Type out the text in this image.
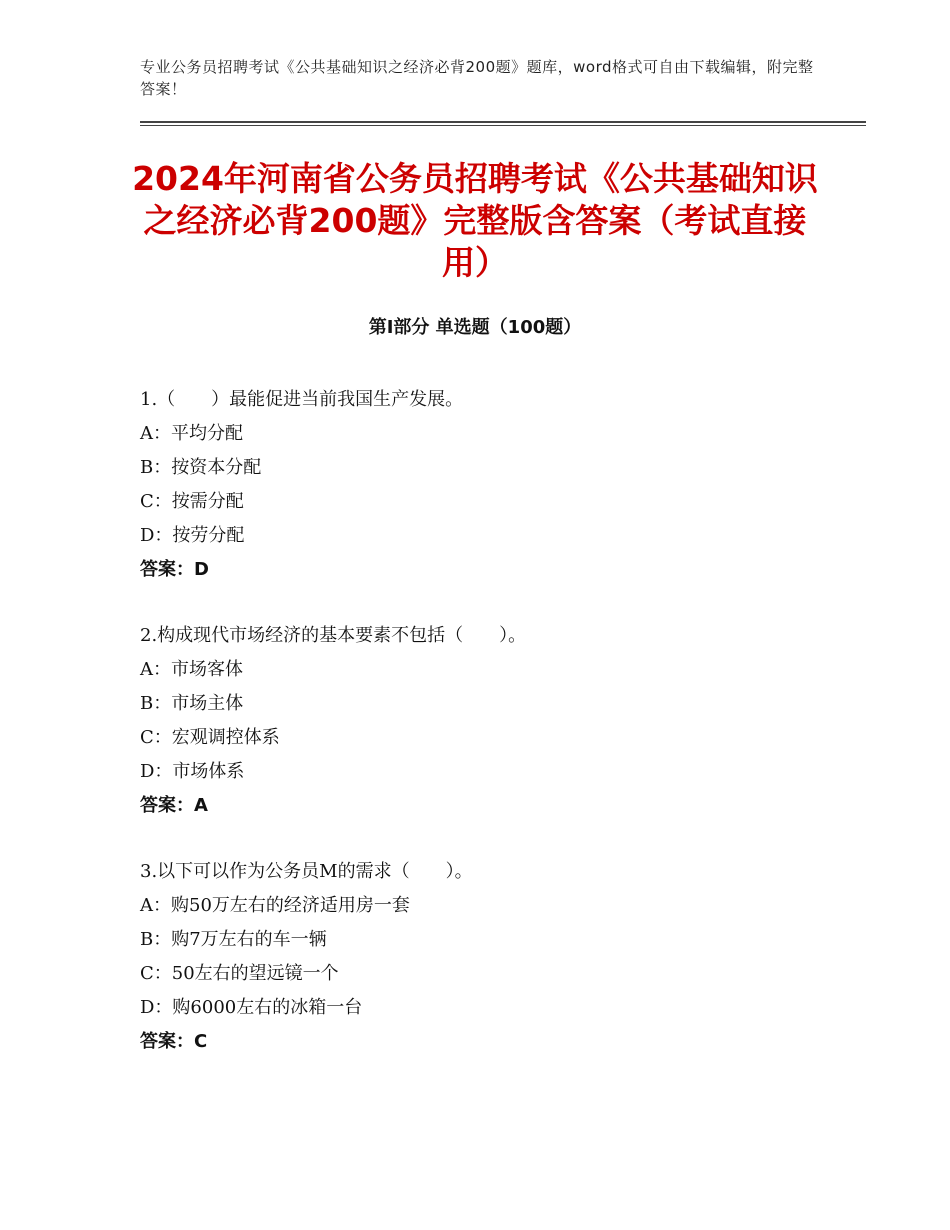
专业公务员招聘考试《公共基础知识之经济必背200题》题库，word格式可自由下载编辑，附完整答案！
2024年河南省公务员招聘考试《公共基础知识之经济必背200题》完整版含答案（考试直接用）
第Ⅰ部分 单选题（100题）
1.（　　）最能促进当前我国生产发展。
A：平均分配
B：按资本分配
C：按需分配
D：按劳分配
答案：D
2.构成现代市场经济的基本要素不包括（　　）。
A：市场客体
B：市场主体
C：宏观调控体系
D：市场体系
答案：A
3.以下可以作为公务员M的需求（　　）。
A：购50万左右的经济适用房一套
B：购7万左右的车一辆
C：50左右的望远镜一个
D：购6000左右的冰箱一台
答案：C
